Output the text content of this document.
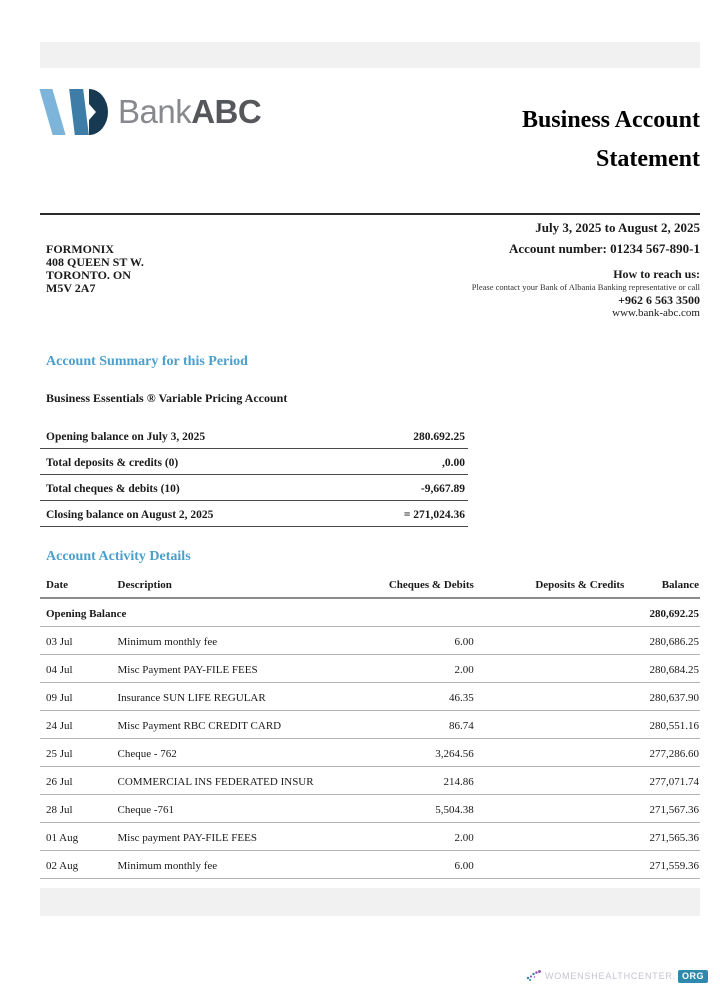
BankABC	Business Account
Statement
July 3, 2025 to August 2, 2025
Account number: 01234 567-890-1
FORMONIX
408 QUEEN ST W.
TORONTO. ON
M5V 2A7
How to reach us:
Please contact your Bank of Albania Banking representative or call
+962 6 563 3500
www.bank-abc.com
Account Summary for this Period
Business Essentials ® Variable Pricing Account
Opening balance on July 3, 2025	280.692.25
Total deposits & credits (0)	,0.00
Total cheques & debits (10)	-9,667.89
Closing balance on August 2, 2025	= 271,024.36
Account Activity Details
Date	Description	Cheques & Debits	Deposits & Credits	Balance
Opening Balance				280,692.25
03 Jul	Minimum monthly fee	6.00		280,686.25
04 Jul	Misc Payment PAY-FILE FEES	2.00		280,684.25
09 Jul	Insurance SUN LIFE REGULAR	46.35		280,637.90
24 Jul	Misc Payment RBC CREDIT CARD	86.74		280,551.16
25 Jul	Cheque - 762	3,264.56		277,286.60
26 Jul	COMMERCIAL INS FEDERATED INSUR	214.86		277,071.74
28 Jul	Cheque -761	5,504.38		271,567.36
01 Aug	Misc payment PAY-FILE FEES	2.00		271,565.36
02 Aug	Minimum monthly fee	6.00		271,559.36
WOMENSHEALTHCENTER. ORG
